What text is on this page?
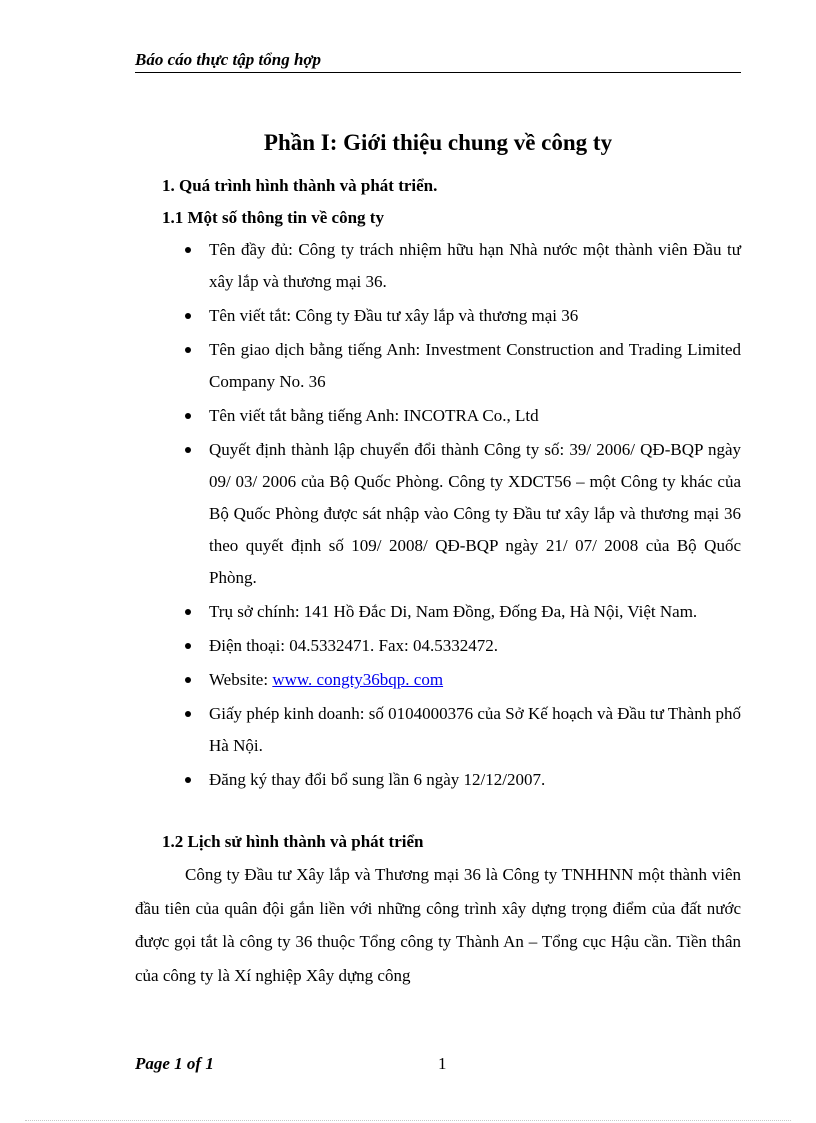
Báo cáo thực tập tổng hợp
Phần I: Giới thiệu chung về công ty
1. Quá trình hình thành và phát triển.
1.1 Một số thông tin về công ty
Tên đầy đủ: Công ty trách nhiệm hữu hạn Nhà nước một thành viên Đầu tư xây lắp và thương mại 36.
Tên viết tắt: Công ty Đầu tư xây lắp và thương mại 36
Tên giao dịch bằng tiếng Anh: Investment Construction and Trading Limited Company No. 36
Tên viết tắt bằng tiếng Anh: INCOTRA Co., Ltd
Quyết định thành lập chuyển đổi thành Công ty số: 39/ 2006/ QĐ-BQP ngày 09/ 03/ 2006 của Bộ Quốc Phòng. Công ty XDCT56 – một Công ty khác của Bộ Quốc Phòng được sát nhập vào Công ty Đầu tư xây lắp và thương mại 36 theo quyết định số 109/ 2008/ QĐ-BQP ngày 21/ 07/ 2008 của Bộ Quốc Phòng.
Trụ sở chính: 141 Hồ Đắc Di, Nam Đồng, Đống Đa, Hà Nội, Việt Nam.
Điện thoại: 04.5332471. Fax: 04.5332472.
Website: www. congty36bqp. com
Giấy phép kinh doanh: số 0104000376 của Sở Kế hoạch và Đầu tư Thành phố Hà Nội.
Đăng ký thay đổi bổ sung lần 6 ngày 12/12/2007.
1.2 Lịch sử hình thành và phát triển
Công ty Đầu tư Xây lắp và Thương mại 36 là Công ty TNHHNN một thành viên đầu tiên của quân đội gắn liền với những công trình xây dựng trọng điểm của đất nước được gọi tắt là công ty 36 thuộc Tổng công ty Thành An – Tổng cục Hậu cần. Tiền thân của công ty là Xí nghiệp Xây dựng công
Page 1 of 1	1
